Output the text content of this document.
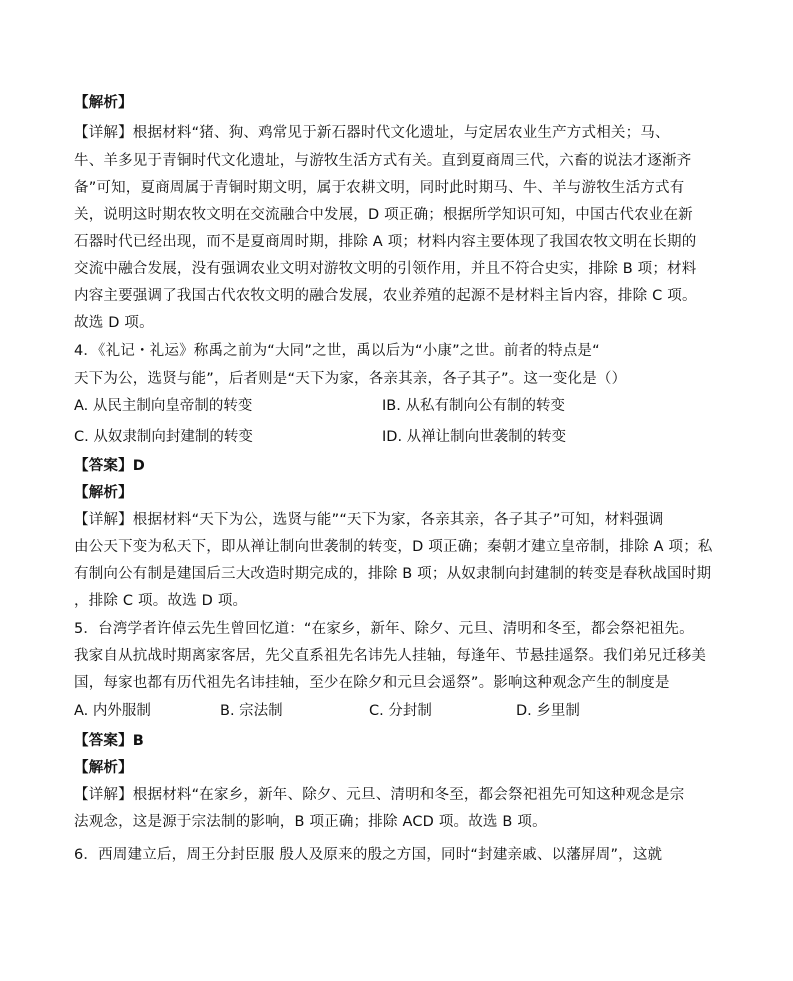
【解析】
【详解】根据材料“猪、狗、鸡常见于新石器时代文化遗址，与定居农业生产方式相关；马、
牛、羊多见于青铜时代文化遗址，与游牧生活方式有关。直到夏商周三代，六畜的说法才逐渐齐
备”可知，夏商周属于青铜时期文明，属于农耕文明，同时此时期马、牛、羊与游牧生活方式有
关，说明这时期农牧文明在交流融合中发展，D 项正确；根据所学知识可知，中国古代农业在新
石器时代已经出现，而不是夏商周时期，排除 A 项；材料内容主要体现了我国农牧文明在长期的
交流中融合发展，没有强调农业文明对游牧文明的引领作用，并且不符合史实，排除 B 项；材料
内容主要强调了我国古代农牧文明的融合发展，农业养殖的起源不是材料主旨内容，排除 C 项。
故选 D 项。
4．《礼记・礼运》称禹之前为“大同”之世，禹以后为“小康”之世。前者的特点是“
天下为公，选贤与能”，后者则是“天下为家，各亲其亲，各子其子”。这一变化是（）
A. 从民主制向皇帝制的转变	IB. 从私有制向公有制的转变
C. 从奴隶制向封建制的转变	ID. 从禅让制向世袭制的转变
【答案】D
【解析】
【详解】根据材料“天下为公，选贤与能”“天下为家，各亲其亲，各子其子”可知，材料强调
由公天下变为私天下，即从禅让制向世袭制的转变，D 项正确；秦朝才建立皇帝制，排除 A 项；私
有制向公有制是建国后三大改造时期完成的，排除 B 项；从奴隶制向封建制的转变是春秋战国时期
，排除 C 项。故选 D 项。
5．台湾学者许倬云先生曾回忆道：“在家乡，新年、除夕、元旦、清明和冬至，都会祭祀祖先。
我家自从抗战时期离家客居，先父直系祖先名讳先人挂轴，每逢年、节悬挂遥祭。我们弟兄迁移美
国，每家也都有历代祖先名讳挂轴，至少在除夕和元旦会遥祭”。影响这种观念产生的制度是
A. 内外服制	B. 宗法制	C. 分封制	D. 乡里制
【答案】B
【解析】
【详解】根据材料“在家乡，新年、除夕、元旦、清明和冬至，都会祭祀祖先可知这种观念是宗
法观念，这是源于宗法制的影响，B 项正确；排除 ACD 项。故选 B 项。
6．西周建立后，周王分封臣服 殷人及原来的殷之方国，同时“封建亲戚、以藩屏周”，这就
